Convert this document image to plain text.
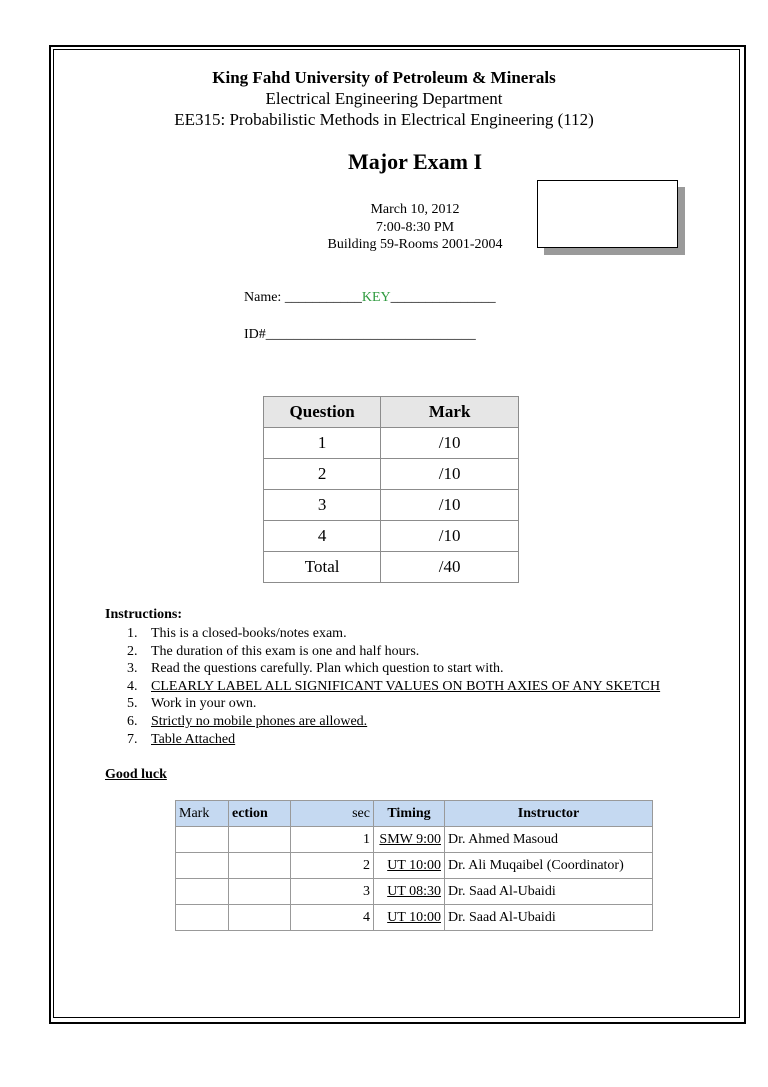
King Fahd University of Petroleum & Minerals
Electrical Engineering Department
EE315: Probabilistic Methods in Electrical Engineering (112)
Major Exam I
March 10, 2012
7:00-8:30 PM
Building 59-Rooms 2001-2004
Name: ___________KEY_______________
ID#______________________________
Question	Mark
1	/10
2	/10
3	/10
4	/10
Total	/40
Instructions:
1. This is a closed-books/notes exam.
2. The duration of this exam is one and half hours.
3. Read the questions carefully. Plan which question to start with.
4. CLEARLY LABEL ALL SIGNIFICANT VALUES ON BOTH AXIES OF ANY SKETCH
5. Work in your own.
6. Strictly no mobile phones are allowed.
7. Table Attached
Good luck
Mark	ection	sec	Timing	Instructor
		1	SMW 9:00	Dr. Ahmed Masoud
		2	UT 10:00	Dr. Ali Muqaibel (Coordinator)
		3	UT 08:30	Dr. Saad Al-Ubaidi
		4	UT 10:00	Dr. Saad Al-Ubaidi
